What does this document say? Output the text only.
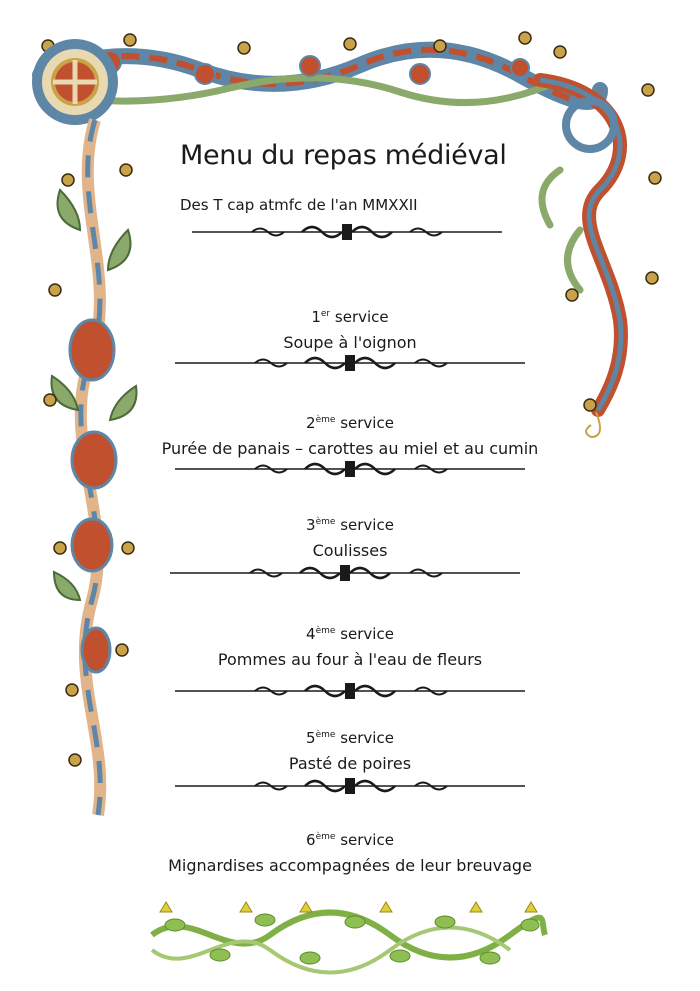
Menu du repas médiéval
Des T cap atmfc de l'an MMXXII
1er service
Soupe à l'oignon
2ème service
Purée de panais – carottes au miel et au cumin
3ème service
Coulisses
4ème service
Pommes au four à l'eau de fleurs
5ème service
Pasté de poires
6ème service
Mignardises accompagnées de leur breuvage
